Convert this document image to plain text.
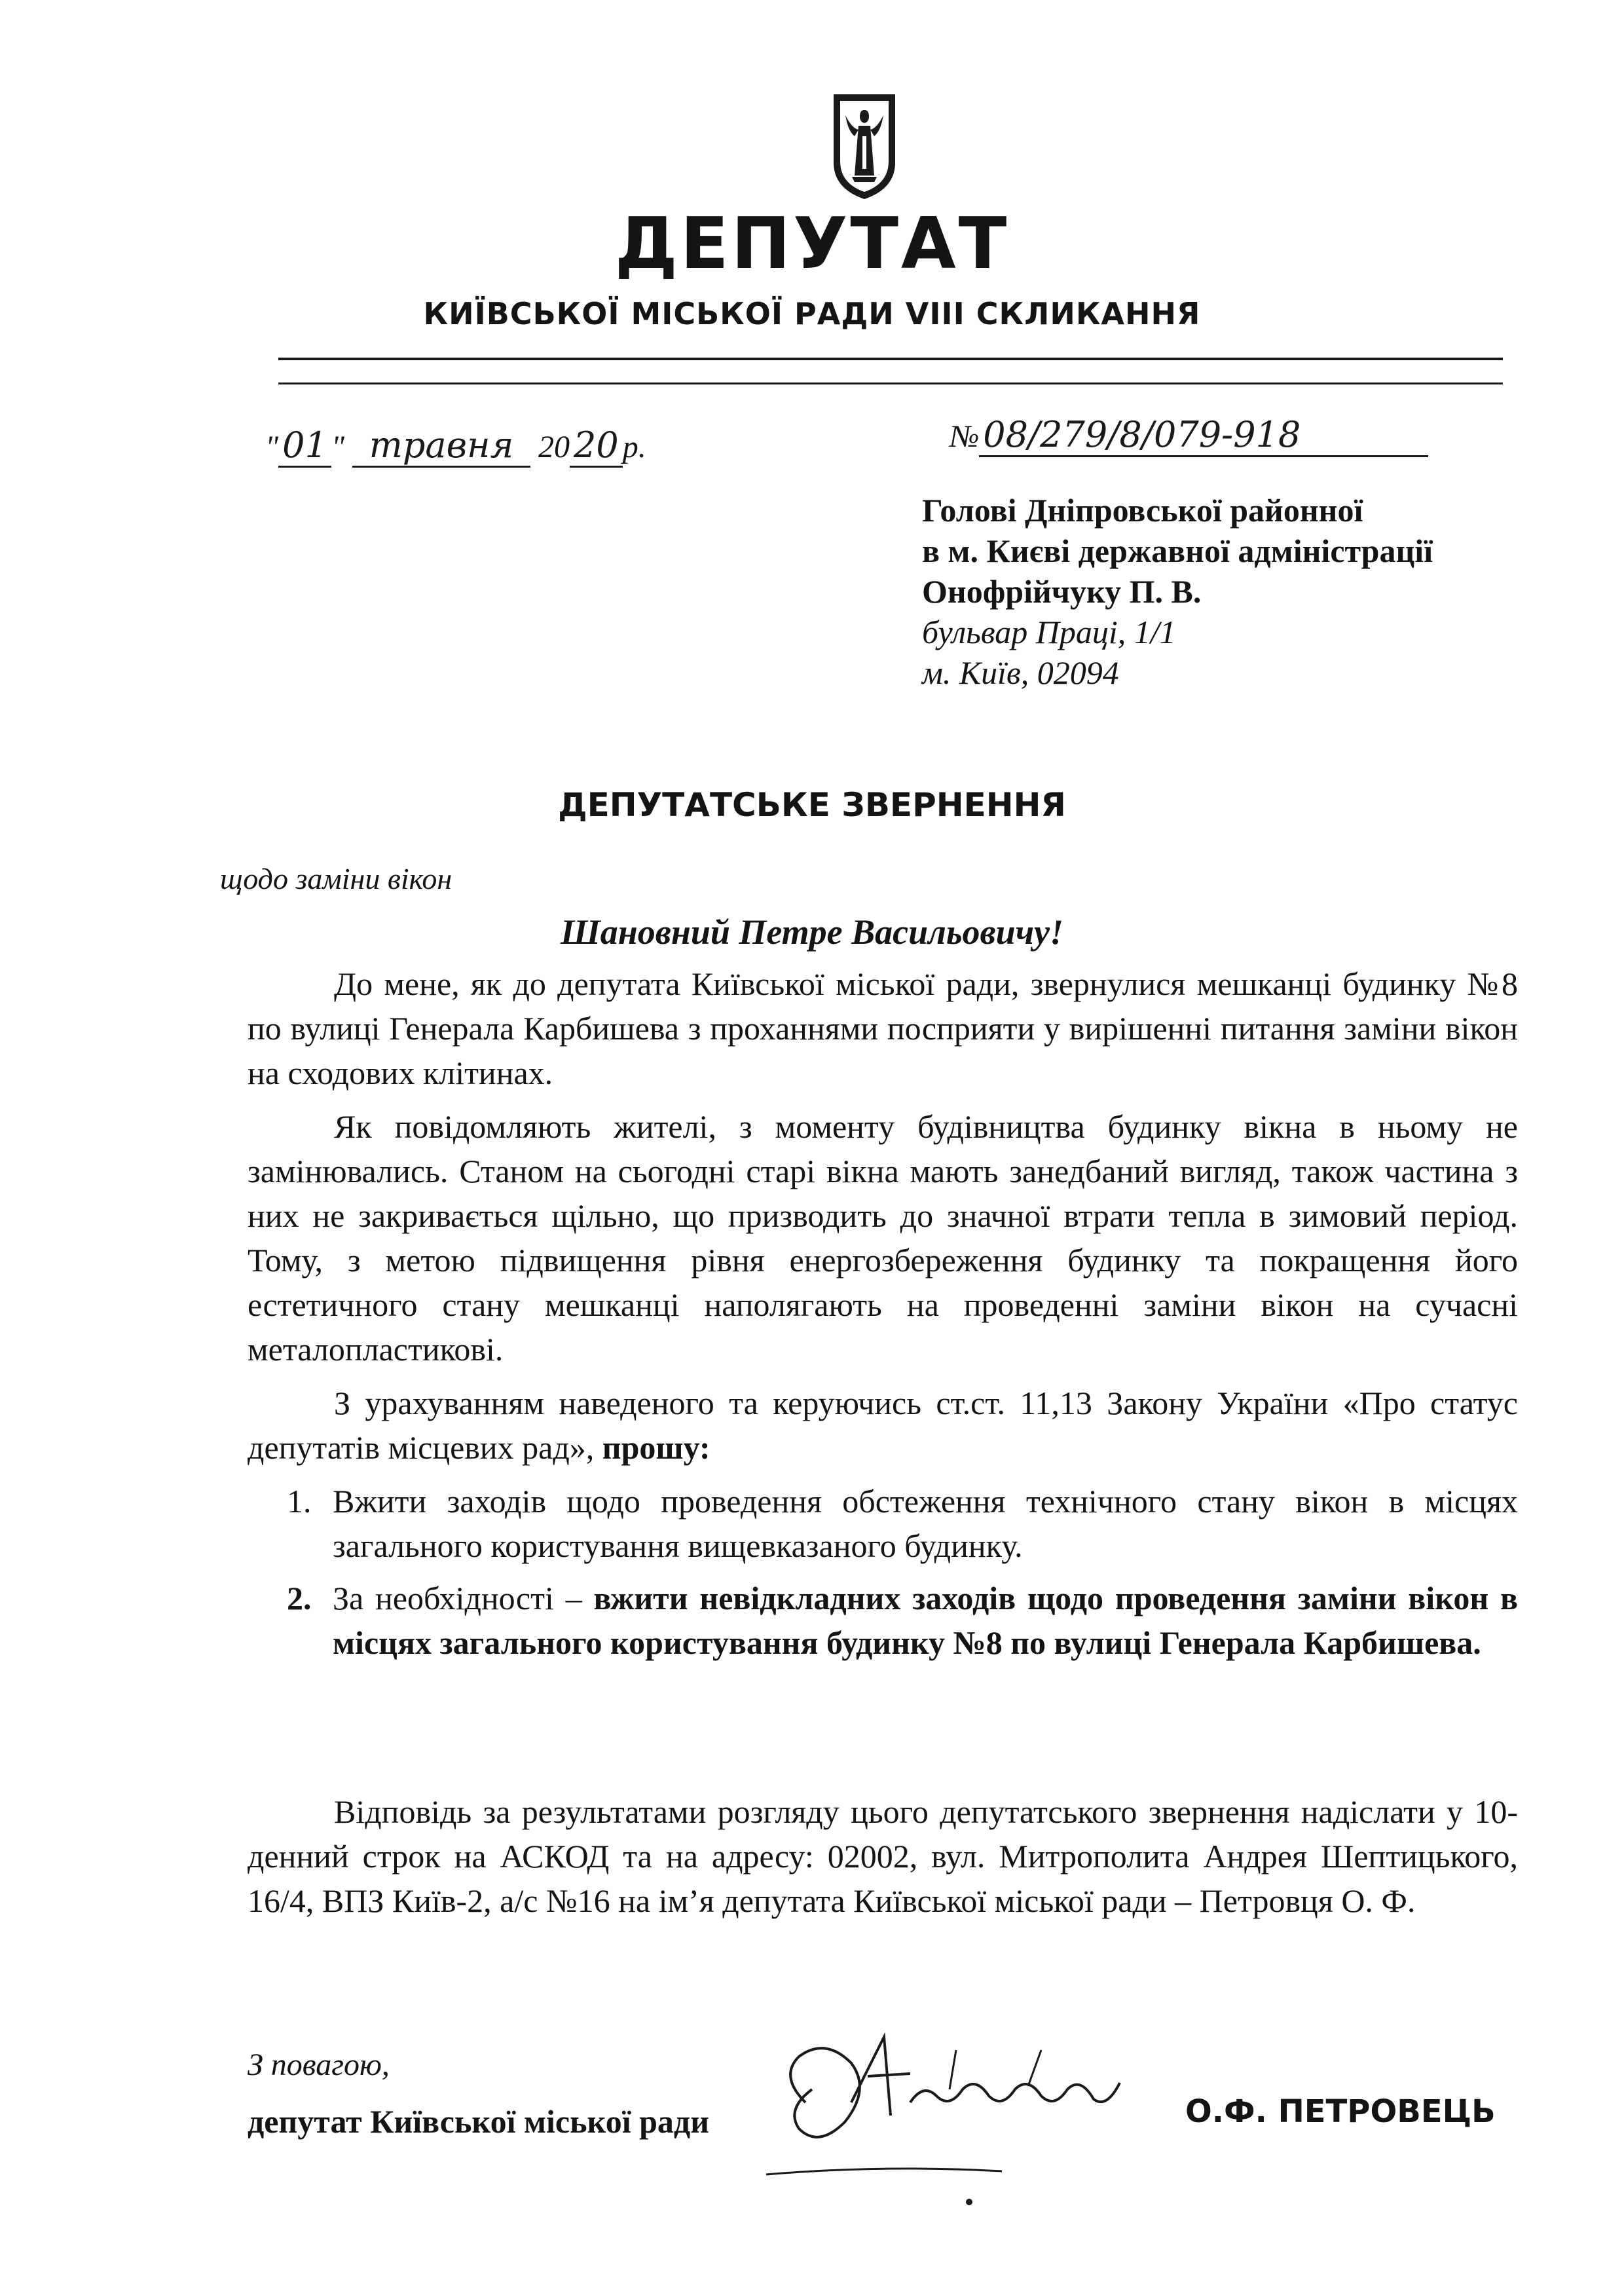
ДЕПУТАТ
КИЇВСЬКОЇ МІСЬКОЇ РАДИ VIII СКЛИКАННЯ
" 01 " травня 20 20 р.	№ 08/279/8/079-918
Голові Дніпровської районної
в м. Києві державної адміністрації
Онофрійчуку П. В.
бульвар Праці, 1/1
м. Київ, 02094
ДЕПУТАТСЬКЕ ЗВЕРНЕННЯ
щодо заміни вікон
Шановний Петре Васильовичу!

До мене, як до депутата Київської міської ради, звернулися мешканці будинку №8 по вулиці Генерала Карбишева з проханнями посприяти у вирішенні питання заміни вікон на сходових клітинах.

Як повідомляють жителі, з моменту будівництва будинку вікна в ньому не замінювались. Станом на сьогодні старі вікна мають занедбаний вигляд, також частина з них не закривається щільно, що призводить до значної втрати тепла в зимовий період. Тому, з метою підвищення рівня енергозбереження будинку та покращення його естетичного стану мешканці наполягають на проведенні заміни вікон на сучасні металопластикові.

З урахуванням наведеного та керуючись ст.ст. 11,13 Закону України «Про статус депутатів місцевих рад», прошу:

1. Вжити заходів щодо проведення обстеження технічного стану вікон в місцях загального користування вищевказаного будинку.
2. За необхідності – вжити невідкладних заходів щодо проведення заміни вікон в місцях загального користування будинку №8 по вулиці Генерала Карбишева.

Відповідь за результатами розгляду цього депутатського звернення надіслати у 10-денний строк на АСКОД та на адресу: 02002, вул. Митрополита Андрея Шептицького, 16/4, ВПЗ Київ-2, а/с №16 на ім’я депутата Київської міської ради – Петровця О. Ф.

З повагою,
депутат Київської міської ради	О.Ф. ПЕТРОВЕЦЬ
